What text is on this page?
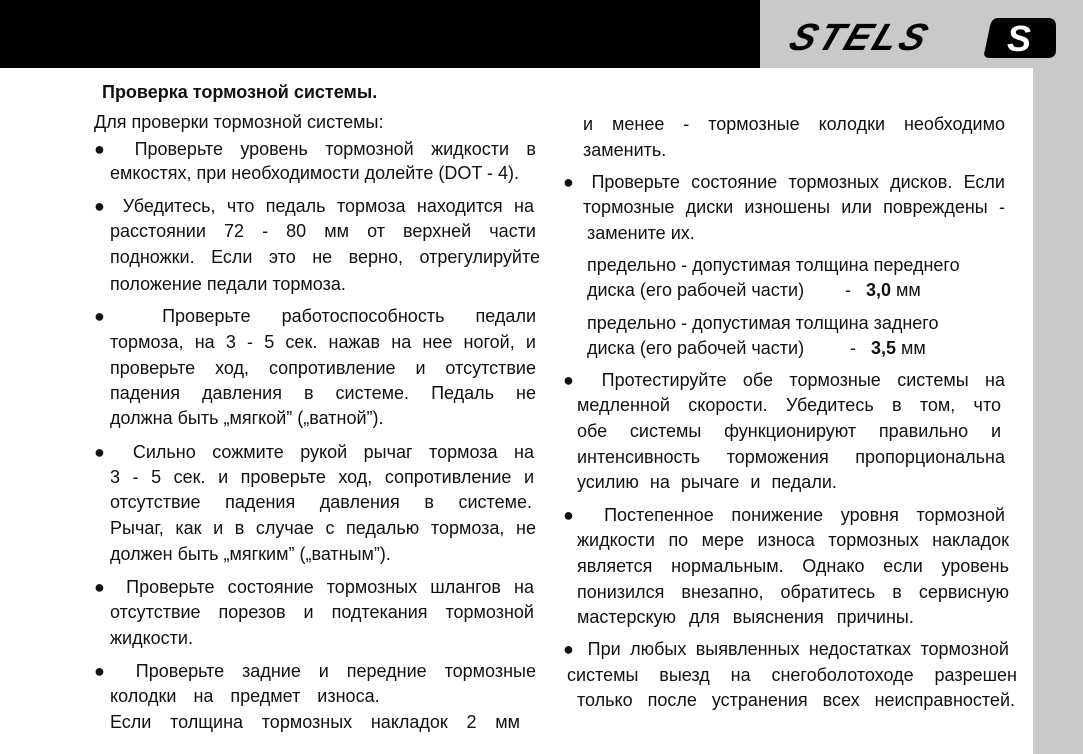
STELS S
Проверка тормозной системы.
Для проверки тормозной системы:
● Проверьте уровень тормозной жидкости в
емкостях, при необходимости долейте (DOT - 4).
● Убедитесь, что педаль тормоза находится на
расстоянии 72 - 80 мм от верхней части
подножки. Если это не верно, отрегулируйте
положение педали тормоза.
● Проверьте работоспособность педали
тормоза, на 3 - 5 сек. нажав на нее ногой, и
проверьте ход, сопротивление и отсутствие
падения давления в системе. Педаль не
должна быть „мягкой” („ватной”).
● Сильно сожмите рукой рычаг тормоза на
3 - 5 сек. и проверьте ход, сопротивление и
отсутствие падения давления в системе.
Рычаг, как и в случае с педалью тормоза, не
должен быть „мягким” („ватным”).
● Проверьте состояние тормозных шлангов на
отсутствие порезов и подтекания тормозной
жидкости.
● Проверьте задние и передние тормозные
колодки на предмет износа.
Если толщина тормозных накладок 2 мм
и менее - тормозные колодки необходимо
заменить.
● Проверьте состояние тормозных дисков. Если
тормозные диски изношены или повреждены -
замените их.
предельно - допустимая толщина переднего
диска (его рабочей части) - 3,0 мм
предельно - допустимая толщина заднего
диска (его рабочей части)	- 3,5 мм
● Протестируйте обе тормозные системы на
медленной скорости. Убедитесь в том, что
обе системы функционируют правильно и
интенсивность торможения пропорциональна
усилию на рычаге и педали.
● Постепенное понижение уровня тормозной
жидкости по мере износа тормозных накладок
является нормальным. Однако если уровень
понизился внезапно, обратитесь в сервисную
мастерскую для выяснения причины.
● При любых выявленных недостатках тормозной
системы выезд на снегоболотоходе разрешен
только после устранения всех неисправностей.
